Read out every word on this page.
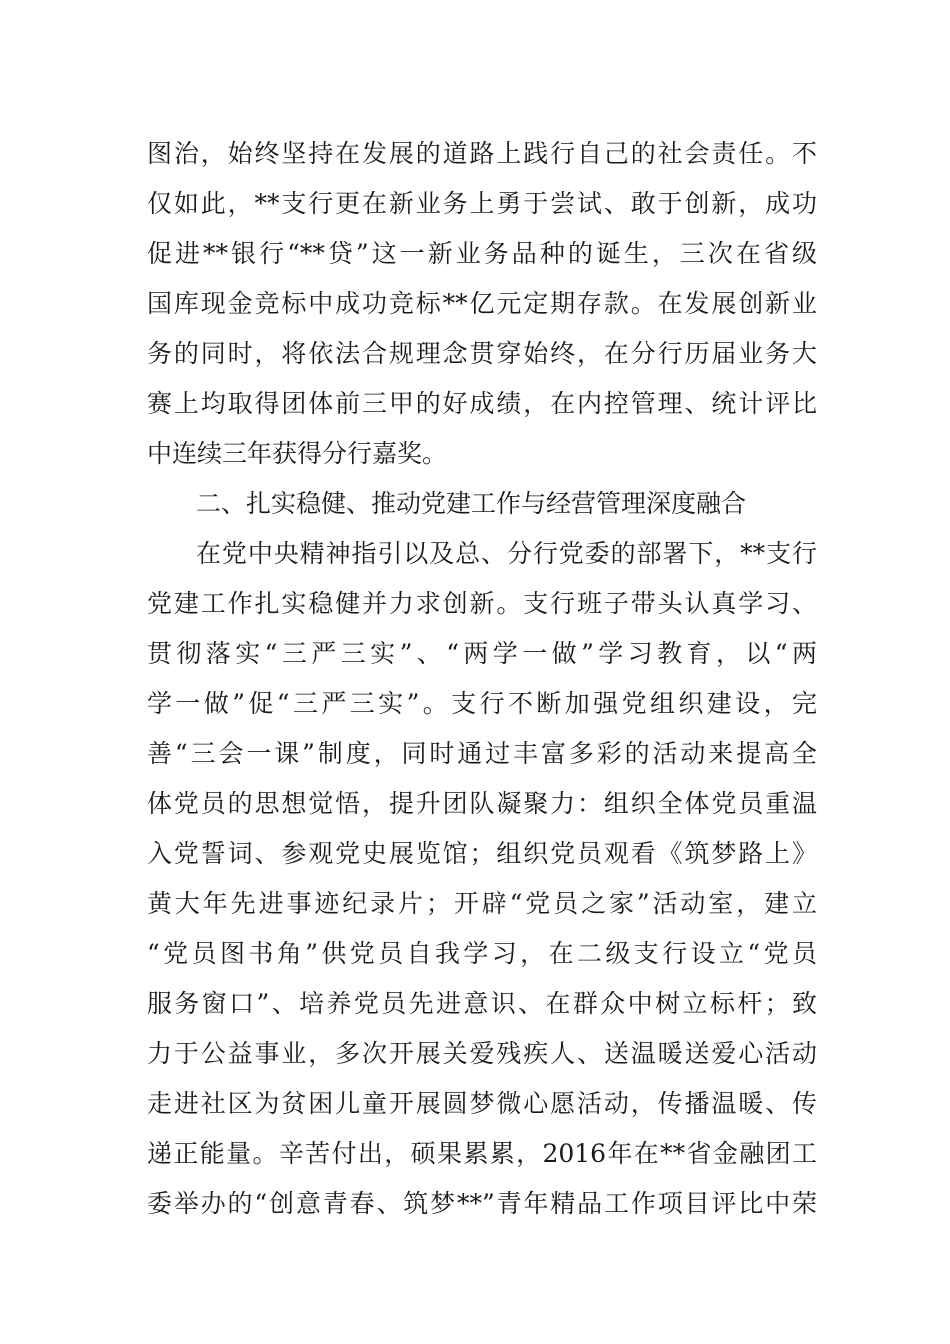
图治，始终坚持在发展的道路上践行自己的社会责任。不
仅如此，**支行更在新业务上勇于尝试、敢于创新，成功
促进**银行“**贷”这一新业务品种的诞生，三次在省级
国库现金竞标中成功竞标**亿元定期存款。在发展创新业
务的同时，将依法合规理念贯穿始终，在分行历届业务大
赛上均取得团体前三甲的好成绩，在内控管理、统计评比
中连续三年获得分行嘉奖。
二、扎实稳健、推动党建工作与经营管理深度融合
在党中央精神指引以及总、分行党委的部署下，**支行
党建工作扎实稳健并力求创新。支行班子带头认真学习、
贯彻落实“三严三实”、“两学一做”学习教育，以“两
学一做”促“三严三实”。支行不断加强党组织建设，完
善“三会一课”制度，同时通过丰富多彩的活动来提高全
体党员的思想觉悟，提升团队凝聚力：组织全体党员重温
入党誓词、参观党史展览馆；组织党员观看《筑梦路上》
黄大年先进事迹纪录片；开辟“党员之家”活动室，建立
“党员图书角”供党员自我学习，在二级支行设立“党员
服务窗口”、培养党员先进意识、在群众中树立标杆；致
力于公益事业，多次开展关爱残疾人、送温暖送爱心活动
走进社区为贫困儿童开展圆梦微心愿活动，传播温暖、传
递正能量。辛苦付出，硕果累累，2016年在**省金融团工
委举办的“创意青春、筑梦**”青年精品工作项目评比中荣
